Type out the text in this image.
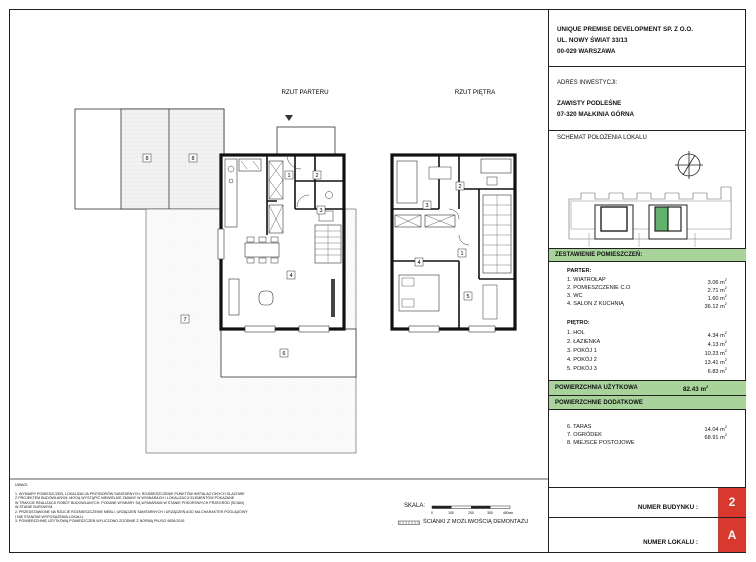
RZUT PARTERU	RZUT PIĘTRA
1	2
3
4
6
7
8	8
1
2
3
4
5
UWAGI:
1. WYMIARY POMIESZCZEŃ, LOKALIZACJA PRZYBORÓW SANITARNYCH, ROZMIESZCZENIE PUNKTÓW INSTALACYJNYCH GLAZOWE
Z PROJEKTEM BUDOWLANYM, MOGĄ WYSTĄPIĆ NIEWIELKIE ZMIANY W WYMIARACH I LOKALIZACJI ELEMENTÓW POKAZANE
W TRAKCIE REALIZACJI ROBÓT BUDOWLANYCH. PODANE WYMIARY SĄ WYMIARAMI W STANIE POKOROWYCH PRZEGRÓD (ŚCIAN)
W STANIE SUROWYM.
2. PRZEDSTAWIONE NA RZUCIE ROZMIESZCZENIE MEBLI, URZĄDZEŃ SANITARNYCH I URZĄDZEŃ AGD MA CHARAKTER POGLĄDOWY
I NIE STANOWI WYPOSAŻENIA LOKALU.
3. POWIERZCHNIĘ UŻYTKOWĄ POMIESZCZEŃ WYLICZONO ZGODNIE Z NORMĄ PN-ISO 9836:2015
SKALA:
0	100	200	300	400cm
ŚCIANKI Z MOŻLIWOŚCIĄ DEMONTAŻU
UNIQUE PREMISE DEVELOPMENT SP. Z O.O.
UL. NOWY ŚWIAT 33/13
00-029 WARSZAWA
ADRES INWESTYCJI:
ZAWISTY PODLEŚNE
07-320 MAŁKINIA GÓRNA
SCHEMAT POŁOŻENIA LOKALU
ZESTAWIENIE POMIESZCZEŃ:
PARTER:
1. WIATROŁAP	3.06 $m^2$
2. POMIESZCZENIE C.O	2.71 $m^2$
3. WC	1.60 $m^2$
4. SALON Z KUCHNIĄ	36.12 $m^2$
PIĘTRO:
1. HOL	4.34 $m^2$
2. ŁAZIENKA	4.13 $m^2$
3. POKÓJ 1	10.23 $m^2$
4. POKÓJ 2	13.41 $m^2$
5. POKÓJ 3	6.83 $m^2$
POWIERZCHNIA UŻYTKOWA	82.43 $m^2$
POWIERZCHNIE DODATKOWE
6. TARAS	14.04 $m^2$
7. OGRÓDEK	68.91 $m^2$
8. MIEJSCE POSTOJOWE
NUMER BUDYNKU :	2
NUMER LOKALU :
A
